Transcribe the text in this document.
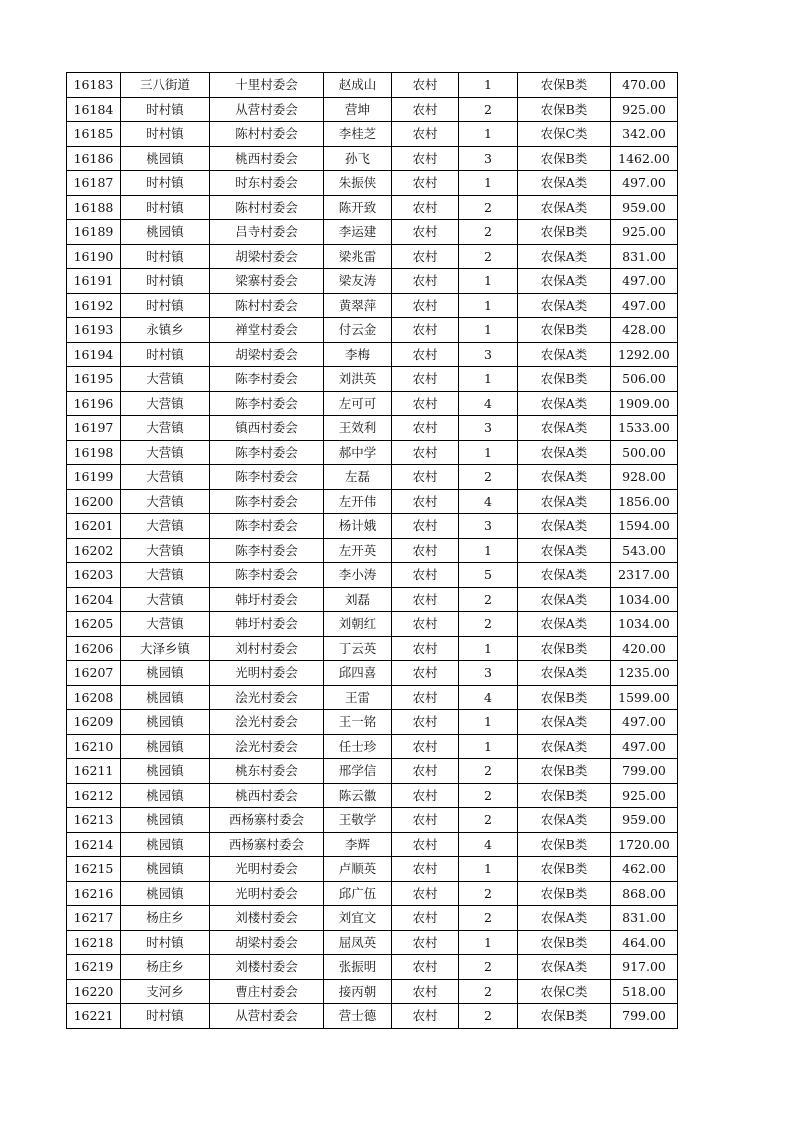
16183	三八街道	十里村委会	赵成山	农村	1	农保B类	470.00
16184	时村镇	从营村委会	营坤	农村	2	农保B类	925.00
16185	时村镇	陈村村委会	李桂芝	农村	1	农保C类	342.00
16186	桃园镇	桃西村委会	孙飞	农村	3	农保B类	1462.00
16187	时村镇	时东村委会	朱振侠	农村	1	农保A类	497.00
16188	时村镇	陈村村委会	陈开致	农村	2	农保A类	959.00
16189	桃园镇	吕寺村委会	李运建	农村	2	农保B类	925.00
16190	时村镇	胡梁村委会	梁兆雷	农村	2	农保A类	831.00
16191	时村镇	梁寨村委会	梁友涛	农村	1	农保A类	497.00
16192	时村镇	陈村村委会	黄翠萍	农村	1	农保A类	497.00
16193	永镇乡	禅堂村委会	付云金	农村	1	农保B类	428.00
16194	时村镇	胡梁村委会	李梅	农村	3	农保A类	1292.00
16195	大营镇	陈李村委会	刘洪英	农村	1	农保B类	506.00
16196	大营镇	陈李村委会	左可可	农村	4	农保A类	1909.00
16197	大营镇	镇西村委会	王效利	农村	3	农保A类	1533.00
16198	大营镇	陈李村委会	郝中学	农村	1	农保A类	500.00
16199	大营镇	陈李村委会	左磊	农村	2	农保A类	928.00
16200	大营镇	陈李村委会	左开伟	农村	4	农保A类	1856.00
16201	大营镇	陈李村委会	杨计娥	农村	3	农保A类	1594.00
16202	大营镇	陈李村委会	左开英	农村	1	农保A类	543.00
16203	大营镇	陈李村委会	李小涛	农村	5	农保A类	2317.00
16204	大营镇	韩圩村委会	刘磊	农村	2	农保A类	1034.00
16205	大营镇	韩圩村委会	刘朝红	农村	2	农保A类	1034.00
16206	大泽乡镇	刘村村委会	丁云英	农村	1	农保B类	420.00
16207	桃园镇	光明村委会	邱四喜	农村	3	农保A类	1235.00
16208	桃园镇	浍光村委会	王雷	农村	4	农保B类	1599.00
16209	桃园镇	浍光村委会	王一铭	农村	1	农保A类	497.00
16210	桃园镇	浍光村委会	任士珍	农村	1	农保A类	497.00
16211	桃园镇	桃东村委会	邢学信	农村	2	农保B类	799.00
16212	桃园镇	桃西村委会	陈云徽	农村	2	农保B类	925.00
16213	桃园镇	西杨寨村委会	王敬学	农村	2	农保A类	959.00
16214	桃园镇	西杨寨村委会	李辉	农村	4	农保B类	1720.00
16215	桃园镇	光明村委会	卢顺英	农村	1	农保B类	462.00
16216	桃园镇	光明村委会	邱广伍	农村	2	农保B类	868.00
16217	杨庄乡	刘楼村委会	刘宜文	农村	2	农保A类	831.00
16218	时村镇	胡梁村委会	屈凤英	农村	1	农保B类	464.00
16219	杨庄乡	刘楼村委会	张振明	农村	2	农保A类	917.00
16220	支河乡	曹庄村委会	接丙朝	农村	2	农保C类	518.00
16221	时村镇	从营村委会	营士德	农村	2	农保B类	799.00
